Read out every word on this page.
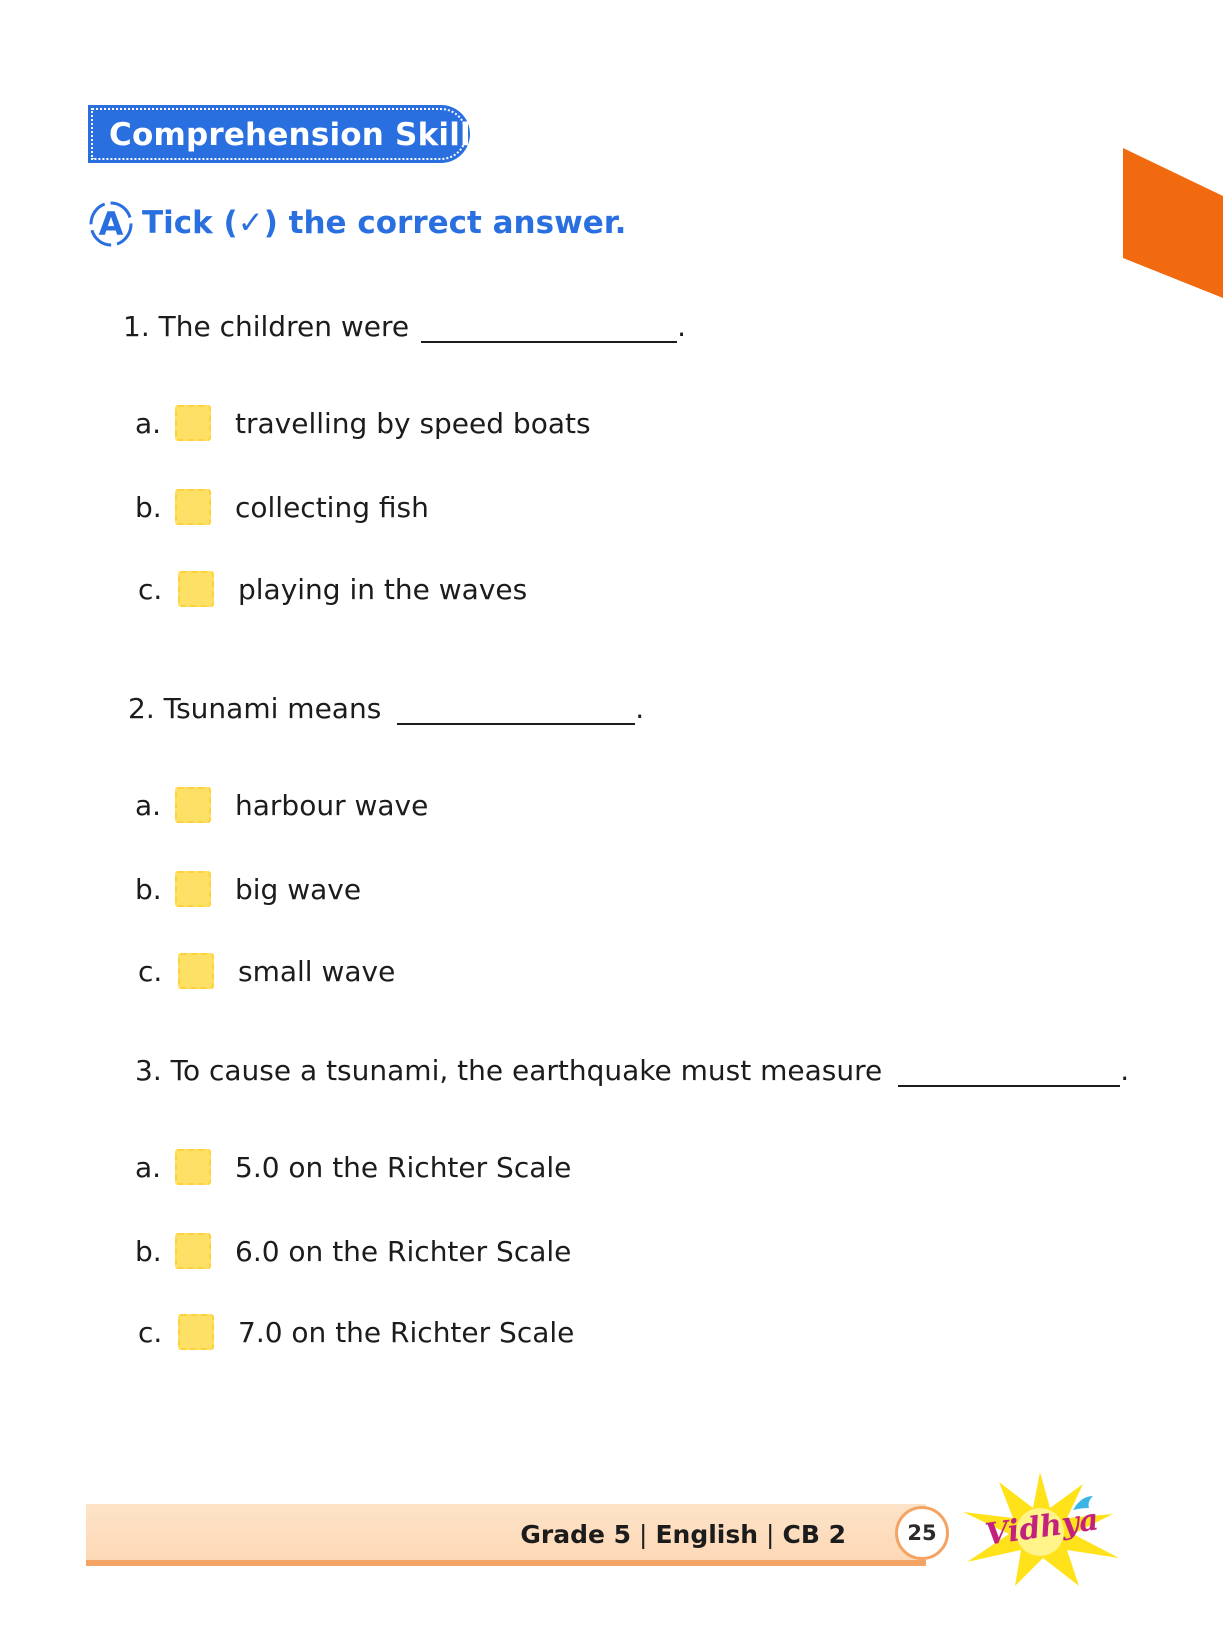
Comprehension Skills
A Tick (✓) the correct answer.
1.
The children were	.
a.	travelling by speed boats
b.	collecting fish
c.	playing in the waves
2.
Tsunami means	.
a.	harbour wave
b.	big wave
c.	small wave
3.
To cause a tsunami, the earthquake must measure	.
a.	5.0 on the Richter Scale
b.	6.0 on the Richter Scale
c.	7.0 on the Richter Scale
Grade 5 | English | CB 2	25	Vidhya
